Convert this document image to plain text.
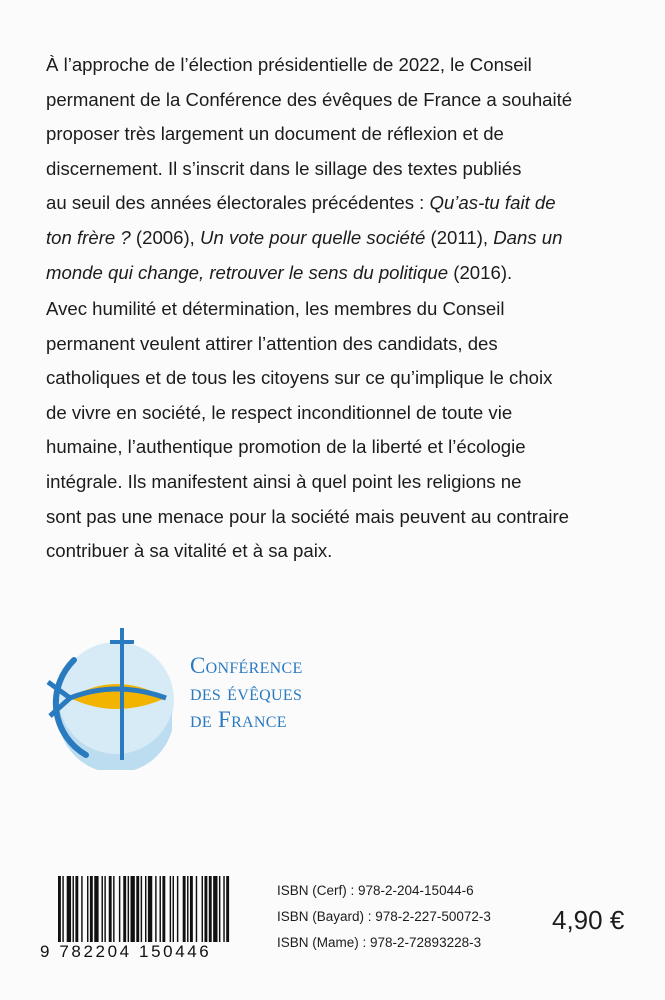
À l’approche de l’élection présidentielle de 2022, le Conseil
permanent de la Conférence des évêques de France a souhaité
proposer très largement un document de réflexion et de
discernement. Il s’inscrit dans le sillage des textes publiés
au seuil des années électorales précédentes : Qu’as-tu fait de
ton frère ? (2006), Un vote pour quelle société (2011), Dans un
monde qui change, retrouver le sens du politique (2016).

Avec humilité et détermination, les membres du Conseil
permanent veulent attirer l’attention des candidats, des
catholiques et de tous les citoyens sur ce qu’implique le choix
de vivre en société, le respect inconditionnel de toute vie
humaine, l’authentique promotion de la liberté et l’écologie
intégrale. Ils manifestent ainsi à quel point les religions ne
sont pas une menace pour la société mais peuvent au contraire
contribuer à sa vitalité et à sa paix.

Conférence
des évêques
de France
9 782204 150446
ISBN (Cerf) : 978-2-204-15044-6
ISBN (Bayard) : 978-2-227-50072-3
ISBN (Mame) : 978-2-72893228-3
4,90 €
